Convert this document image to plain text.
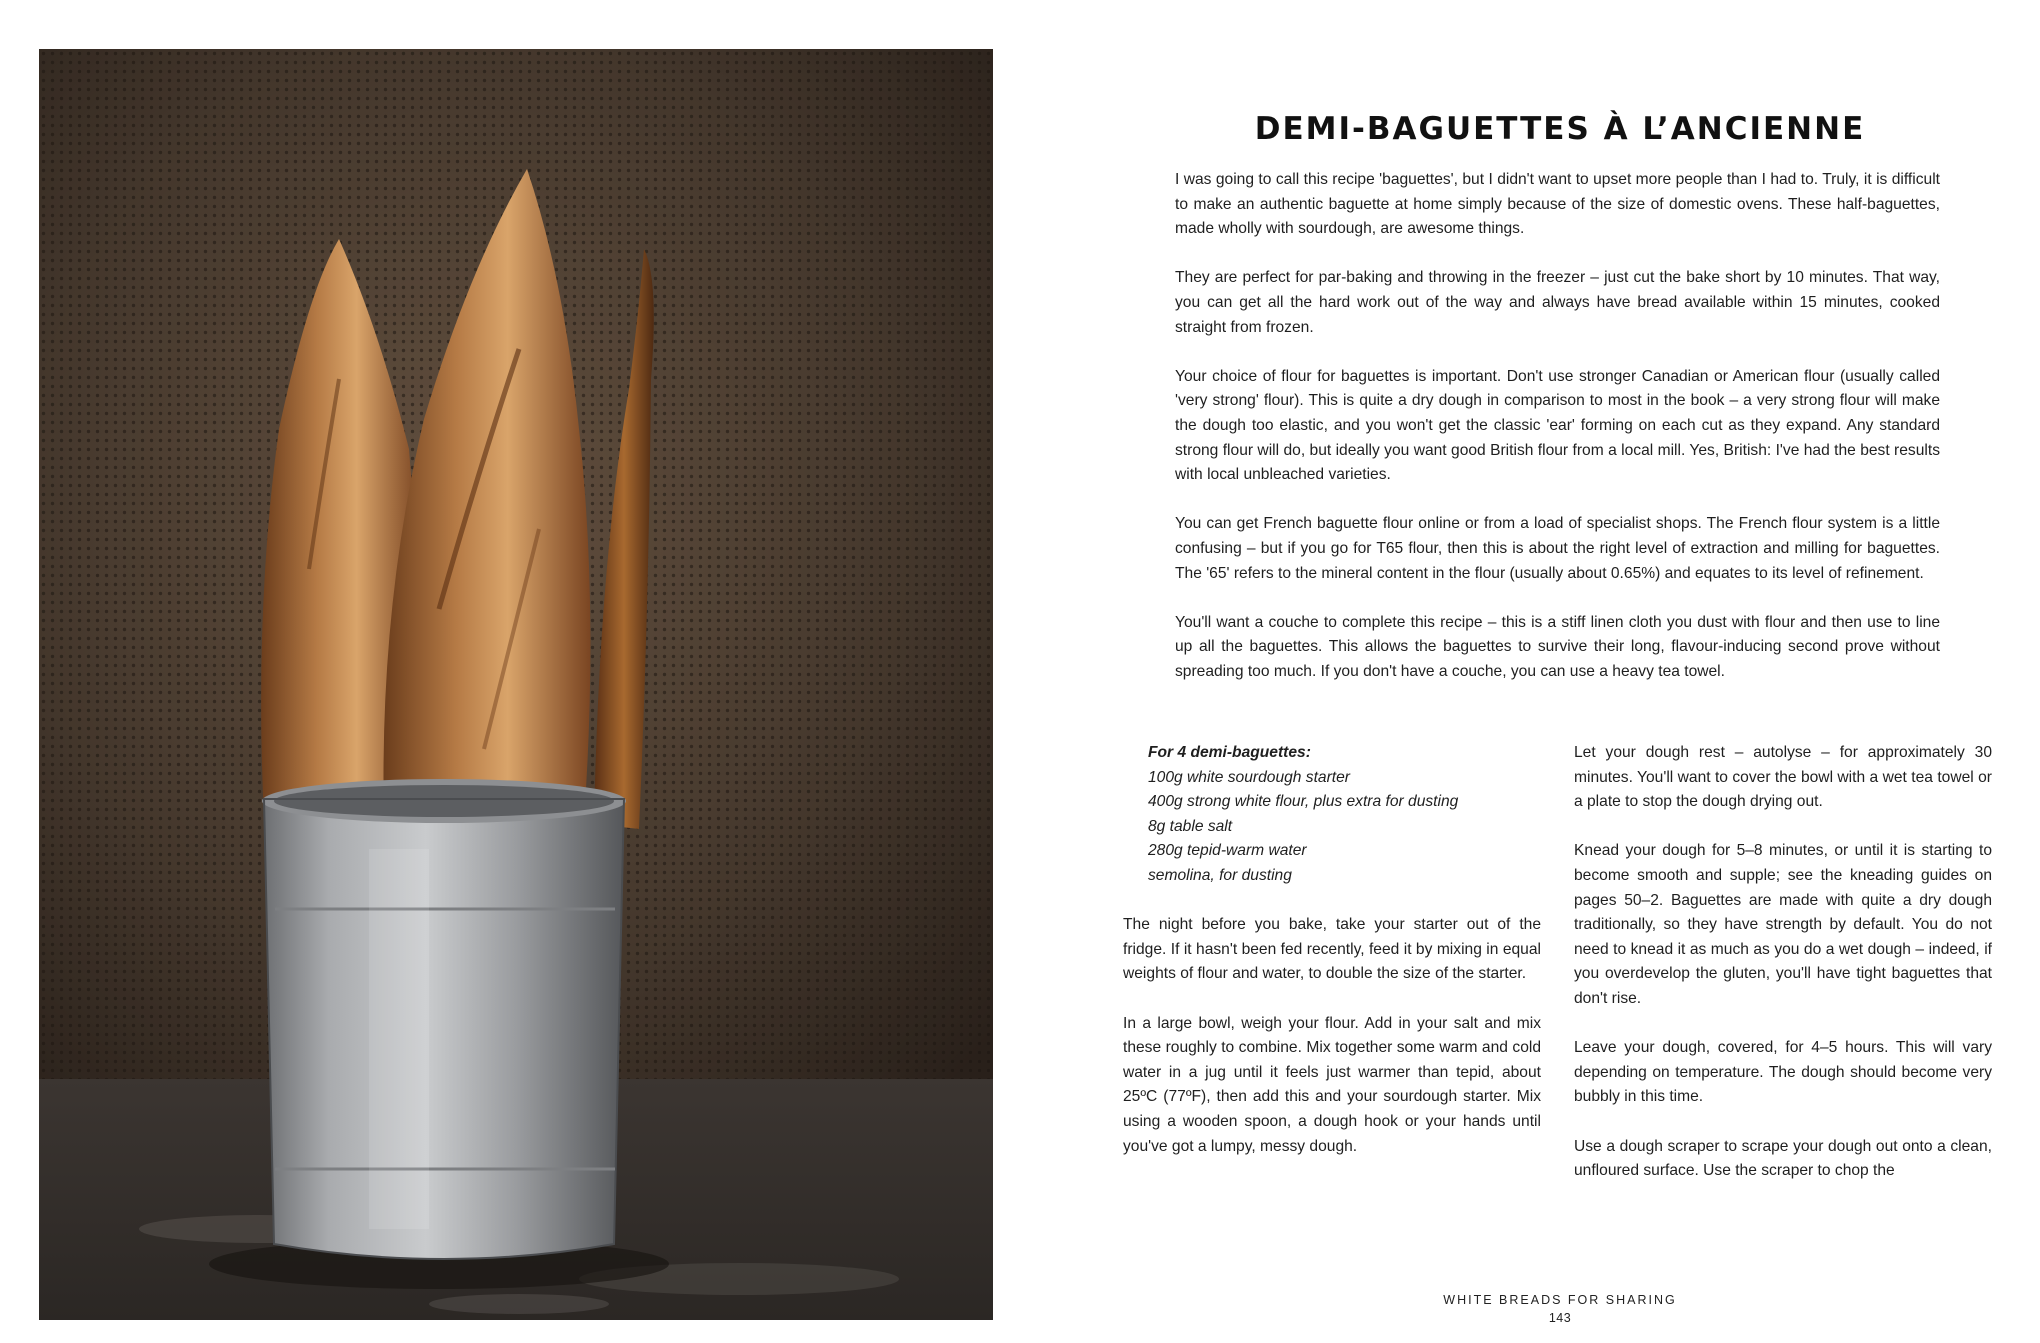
DEMI-BAGUETTES À L’ANCIENNE

I was going to call this recipe 'baguettes', but I didn't want to upset more people than I had to. Truly, it is difficult to make an authentic baguette at home simply because of the size of domestic ovens. These half-baguettes, made wholly with sourdough, are awesome things.

They are perfect for par-baking and throwing in the freezer – just cut the bake short by 10 minutes. That way, you can get all the hard work out of the way and always have bread available within 15 minutes, cooked straight from frozen.

Your choice of flour for baguettes is important. Don't use stronger Canadian or American flour (usually called 'very strong' flour). This is quite a dry dough in comparison to most in the book – a very strong flour will make the dough too elastic, and you won't get the classic 'ear' forming on each cut as they expand. Any standard strong flour will do, but ideally you want good British flour from a local mill. Yes, British: I've had the best results with local unbleached varieties.

You can get French baguette flour online or from a load of specialist shops. The French flour system is a little confusing – but if you go for T65 flour, then this is about the right level of extraction and milling for baguettes. The '65' refers to the mineral content in the flour (usually about 0.65%) and equates to its level of refinement.

You'll want a couche to complete this recipe – this is a stiff linen cloth you dust with flour and then use to line up all the baguettes. This allows the baguettes to survive their long, flavour-inducing second prove without spreading too much. If you don't have a couche, you can use a heavy tea towel.

For 4 demi-baguettes:
100g white sourdough starter
400g strong white flour, plus extra for dusting
8g table salt
280g tepid-warm water
semolina, for dusting

The night before you bake, take your starter out of the fridge. If it hasn't been fed recently, feed it by mixing in equal weights of flour and water, to double the size of the starter.

In a large bowl, weigh your flour. Add in your salt and mix these roughly to combine. Mix together some warm and cold water in a jug until it feels just warmer than tepid, about 25ºC (77ºF), then add this and your sourdough starter. Mix using a wooden spoon, a dough hook or your hands until you've got a lumpy, messy dough.

Let your dough rest – autolyse – for approximately 30 minutes. You'll want to cover the bowl with a wet tea towel or a plate to stop the dough drying out.

Knead your dough for 5–8 minutes, or until it is starting to become smooth and supple; see the kneading guides on pages 50–2. Baguettes are made with quite a dry dough traditionally, so they have strength by default. You do not need to knead it as much as you do a wet dough – indeed, if you overdevelop the gluten, you'll have tight baguettes that don't rise.

Leave your dough, covered, for 4–5 hours. This will vary depending on temperature. The dough should become very bubbly in this time.

Use a dough scraper to scrape your dough out onto a clean, unfloured surface. Use the scraper to chop the

WHITE BREADS FOR SHARING
143
